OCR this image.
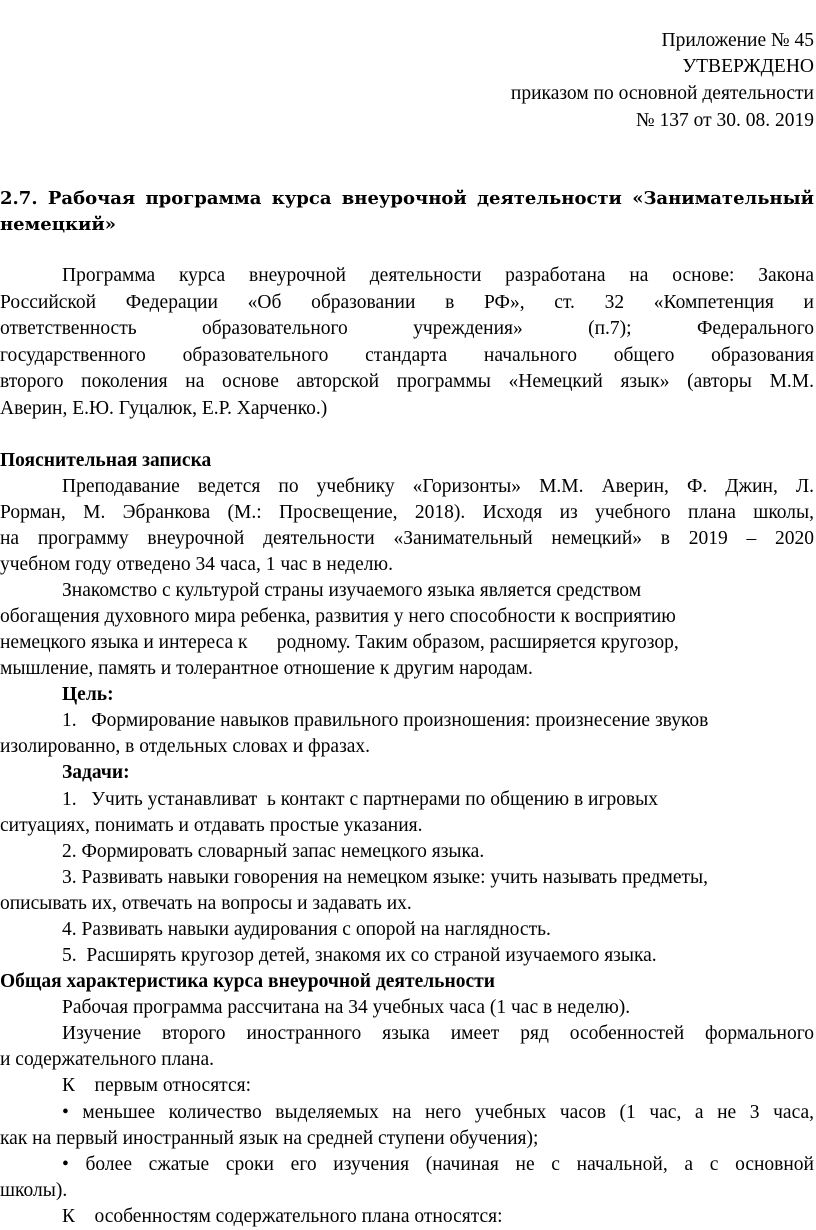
Приложение № 45
УТВЕРЖДЕНО
приказом по основной деятельности
№ 137 от 30. 08. 2019
2.7. Рабочая программа курса внеурочной деятельности «Занимательный
немецкий»
Программа курса внеурочной деятельности разработана на основе: Закона
Российской Федерации «Об образовании в РФ», ст. 32 «Компетенция и
ответственность образовательного учреждения» (п.7); Федерального
государственного образовательного стандарта начального общего образования
второго поколения на основе авторской программы «Немецкий язык» (авторы М.М.
Аверин, Е.Ю. Гуцалюк, Е.Р. Харченко.)
Пояснительная записка
Преподавание ведется по учебнику «Горизонты» М.М. Аверин, Ф. Джин, Л.
Рорман, М. Эбранкова (М.: Просвещение, 2018). Исходя из учебного плана школы,
на программу внеурочной деятельности «Занимательный немецкий» в 2019 – 2020
учебном году отведено 34 часа, 1 час в неделю.
Знакомство с культурой страны изучаемого языка является средством
обогащения духовного мира ребенка, развития у него способности к восприятию
немецкого языка и интереса к      родному. Таким образом, расширяется кругозор,
мышление, память и толерантное отношение к другим народам.
Цель:
1.   Формирование навыков правильного произношения: произнесение звуков
изолированно, в отдельных словах и фразах.
Задачи:
1.   Учить устанавливат  ь контакт с партнерами по общению в игровых
ситуациях, понимать и отдавать простые указания.
2. Формировать словарный запас немецкого языка.
3. Развивать навыки говорения на немецком языке: учить называть предметы,
описывать их, отвечать на вопросы и задавать их.
4. Развивать навыки аудирования с опорой на наглядность.
5.  Расширять кругозор детей, знакомя их со страной изучаемого языка.
Общая характеристика курса внеурочной деятельности
Рабочая программа рассчитана на 34 учебных часа (1 час в неделю).
Изучение второго иностранного языка имеет ряд особенностей формального
и содержательного плана.
К    первым относятся:
• меньшее количество выделяемых на него учебных часов (1 час, а не 3 часа,
как на первый иностранный язык на средней ступени обучения);
• более сжатые сроки его изучения (начиная не с начальной, а с основной
школы).
К    особенностям содержательного плана относятся:
